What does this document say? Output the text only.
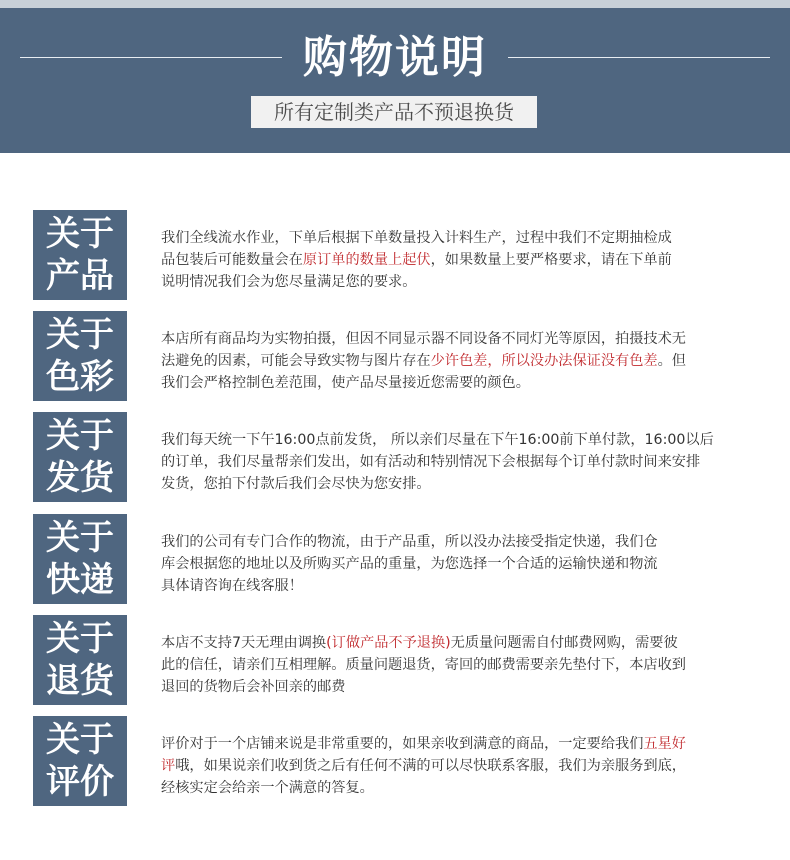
购物说明
所有定制类产品不预退换货
关于
产品
我们全线流水作业，下单后根据下单数量投入计料生产，过程中我们不定期抽检成
品包装后可能数量会在原订单的数量上起伏，如果数量上要严格要求，请在下单前
说明情况我们会为您尽量满足您的要求。
关于
色彩
本店所有商品均为实物拍摄，但因不同显示器不同设备不同灯光等原因，拍摄技术无
法避免的因素，可能会导致实物与图片存在少许色差，所以没办法保证没有色差。但
我们会严格控制色差范围，使产品尽量接近您需要的颜色。
关于
发货
我们每天统一下午16:00点前发货， 所以亲们尽量在下午16:00前下单付款，16:00以后
的订单，我们尽量帮亲们发出，如有活动和特别情况下会根据每个订单付款时间来安排
发货，您拍下付款后我们会尽快为您安排。
关于
快递
我们的公司有专门合作的物流，由于产品重，所以没办法接受指定快递，我们仓
库会根据您的地址以及所购买产品的重量，为您选择一个合适的运输快递和物流
具体请咨询在线客服！
关于
退货
本店不支持7天无理由调换(订做产品不予退换)无质量问题需自付邮费网购，需要彼
此的信任，请亲们互相理解。质量问题退货，寄回的邮费需要亲先垫付下，本店收到
退回的货物后会补回亲的邮费
关于
评价
评价对于一个店铺来说是非常重要的，如果亲收到满意的商品，一定要给我们五星好
评哦，如果说亲们收到货之后有任何不满的可以尽快联系客服，我们为亲服务到底，
经核实定会给亲一个满意的答复。
